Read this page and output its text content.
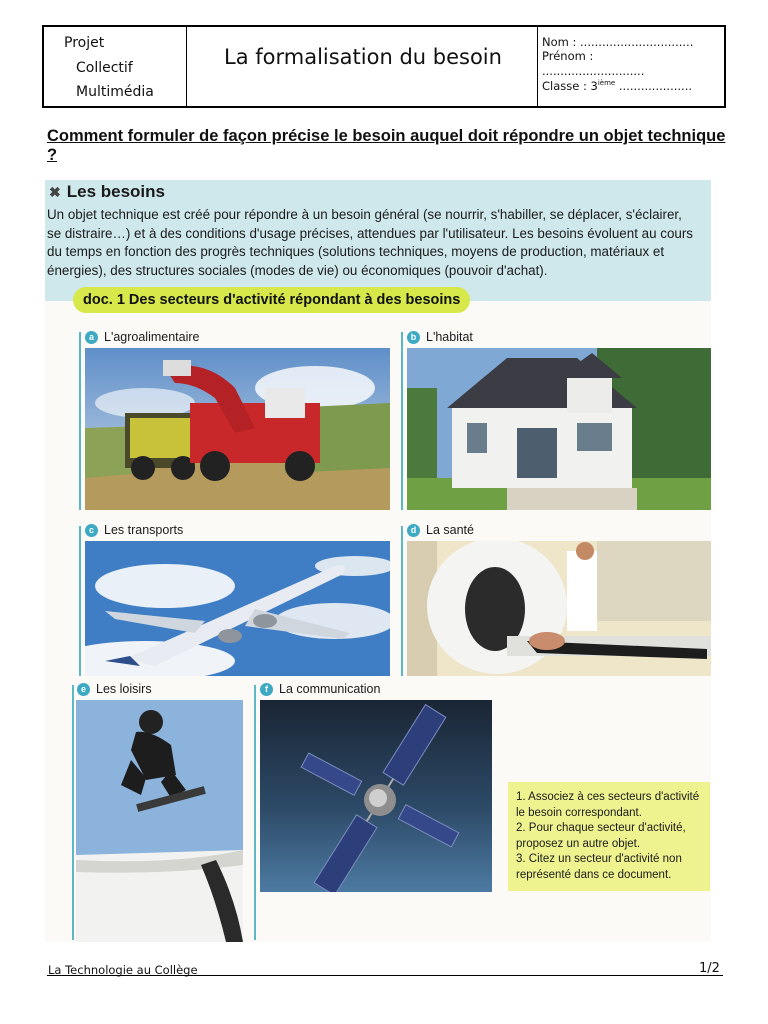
Projet
Collectif
Multimédia
La formalisation du besoin
Nom : ...............................
Prénom :
............................
Classe : 3ième ....................
Comment formuler de façon précise le besoin auquel doit répondre un objet technique ?
✖ Les besoins
Un objet technique est créé pour répondre à un besoin général (se nourrir, s'habiller, se déplacer, s'éclairer,
se distraire…) et à des conditions d'usage précises, attendues par l'utilisateur. Les besoins évoluent au cours
du temps en fonction des progrès techniques (solutions techniques, moyens de production, matériaux et
énergies), des structures sociales (modes de vie) ou économiques (pouvoir d'achat).
doc. 1 Des secteurs d'activité répondant à des besoins
a L'agroalimentaire	b L'habitat
c Les transports	d La santé
e Les loisirs	f La communication
1. Associez à ces secteurs d'activité
le besoin correspondant.
2. Pour chaque secteur d'activité,
proposez un autre objet.
3. Citez un secteur d'activité non
représenté dans ce document.
La Technologie au Collège	1/2
